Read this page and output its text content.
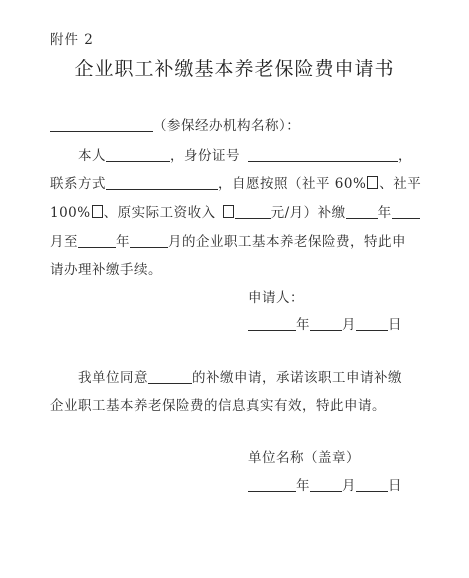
附件 2
企业职工补缴基本养老保险费申请书
（参保经办机构名称）：
本人	，身份证号	，
联系方式	，自愿按照（社平 60% 、社平
100% 、原实际工资收入	元/月）补缴 年
月至	年	月的企业职工基本养老保险费，特此申
请办理补缴手续。
申请人：
年 月 日
我单位同意	的补缴申请，承诺该职工申请补缴
企业职工基本养老保险费的信息真实有效，特此申请。
单位名称（盖章）
年 月 日
